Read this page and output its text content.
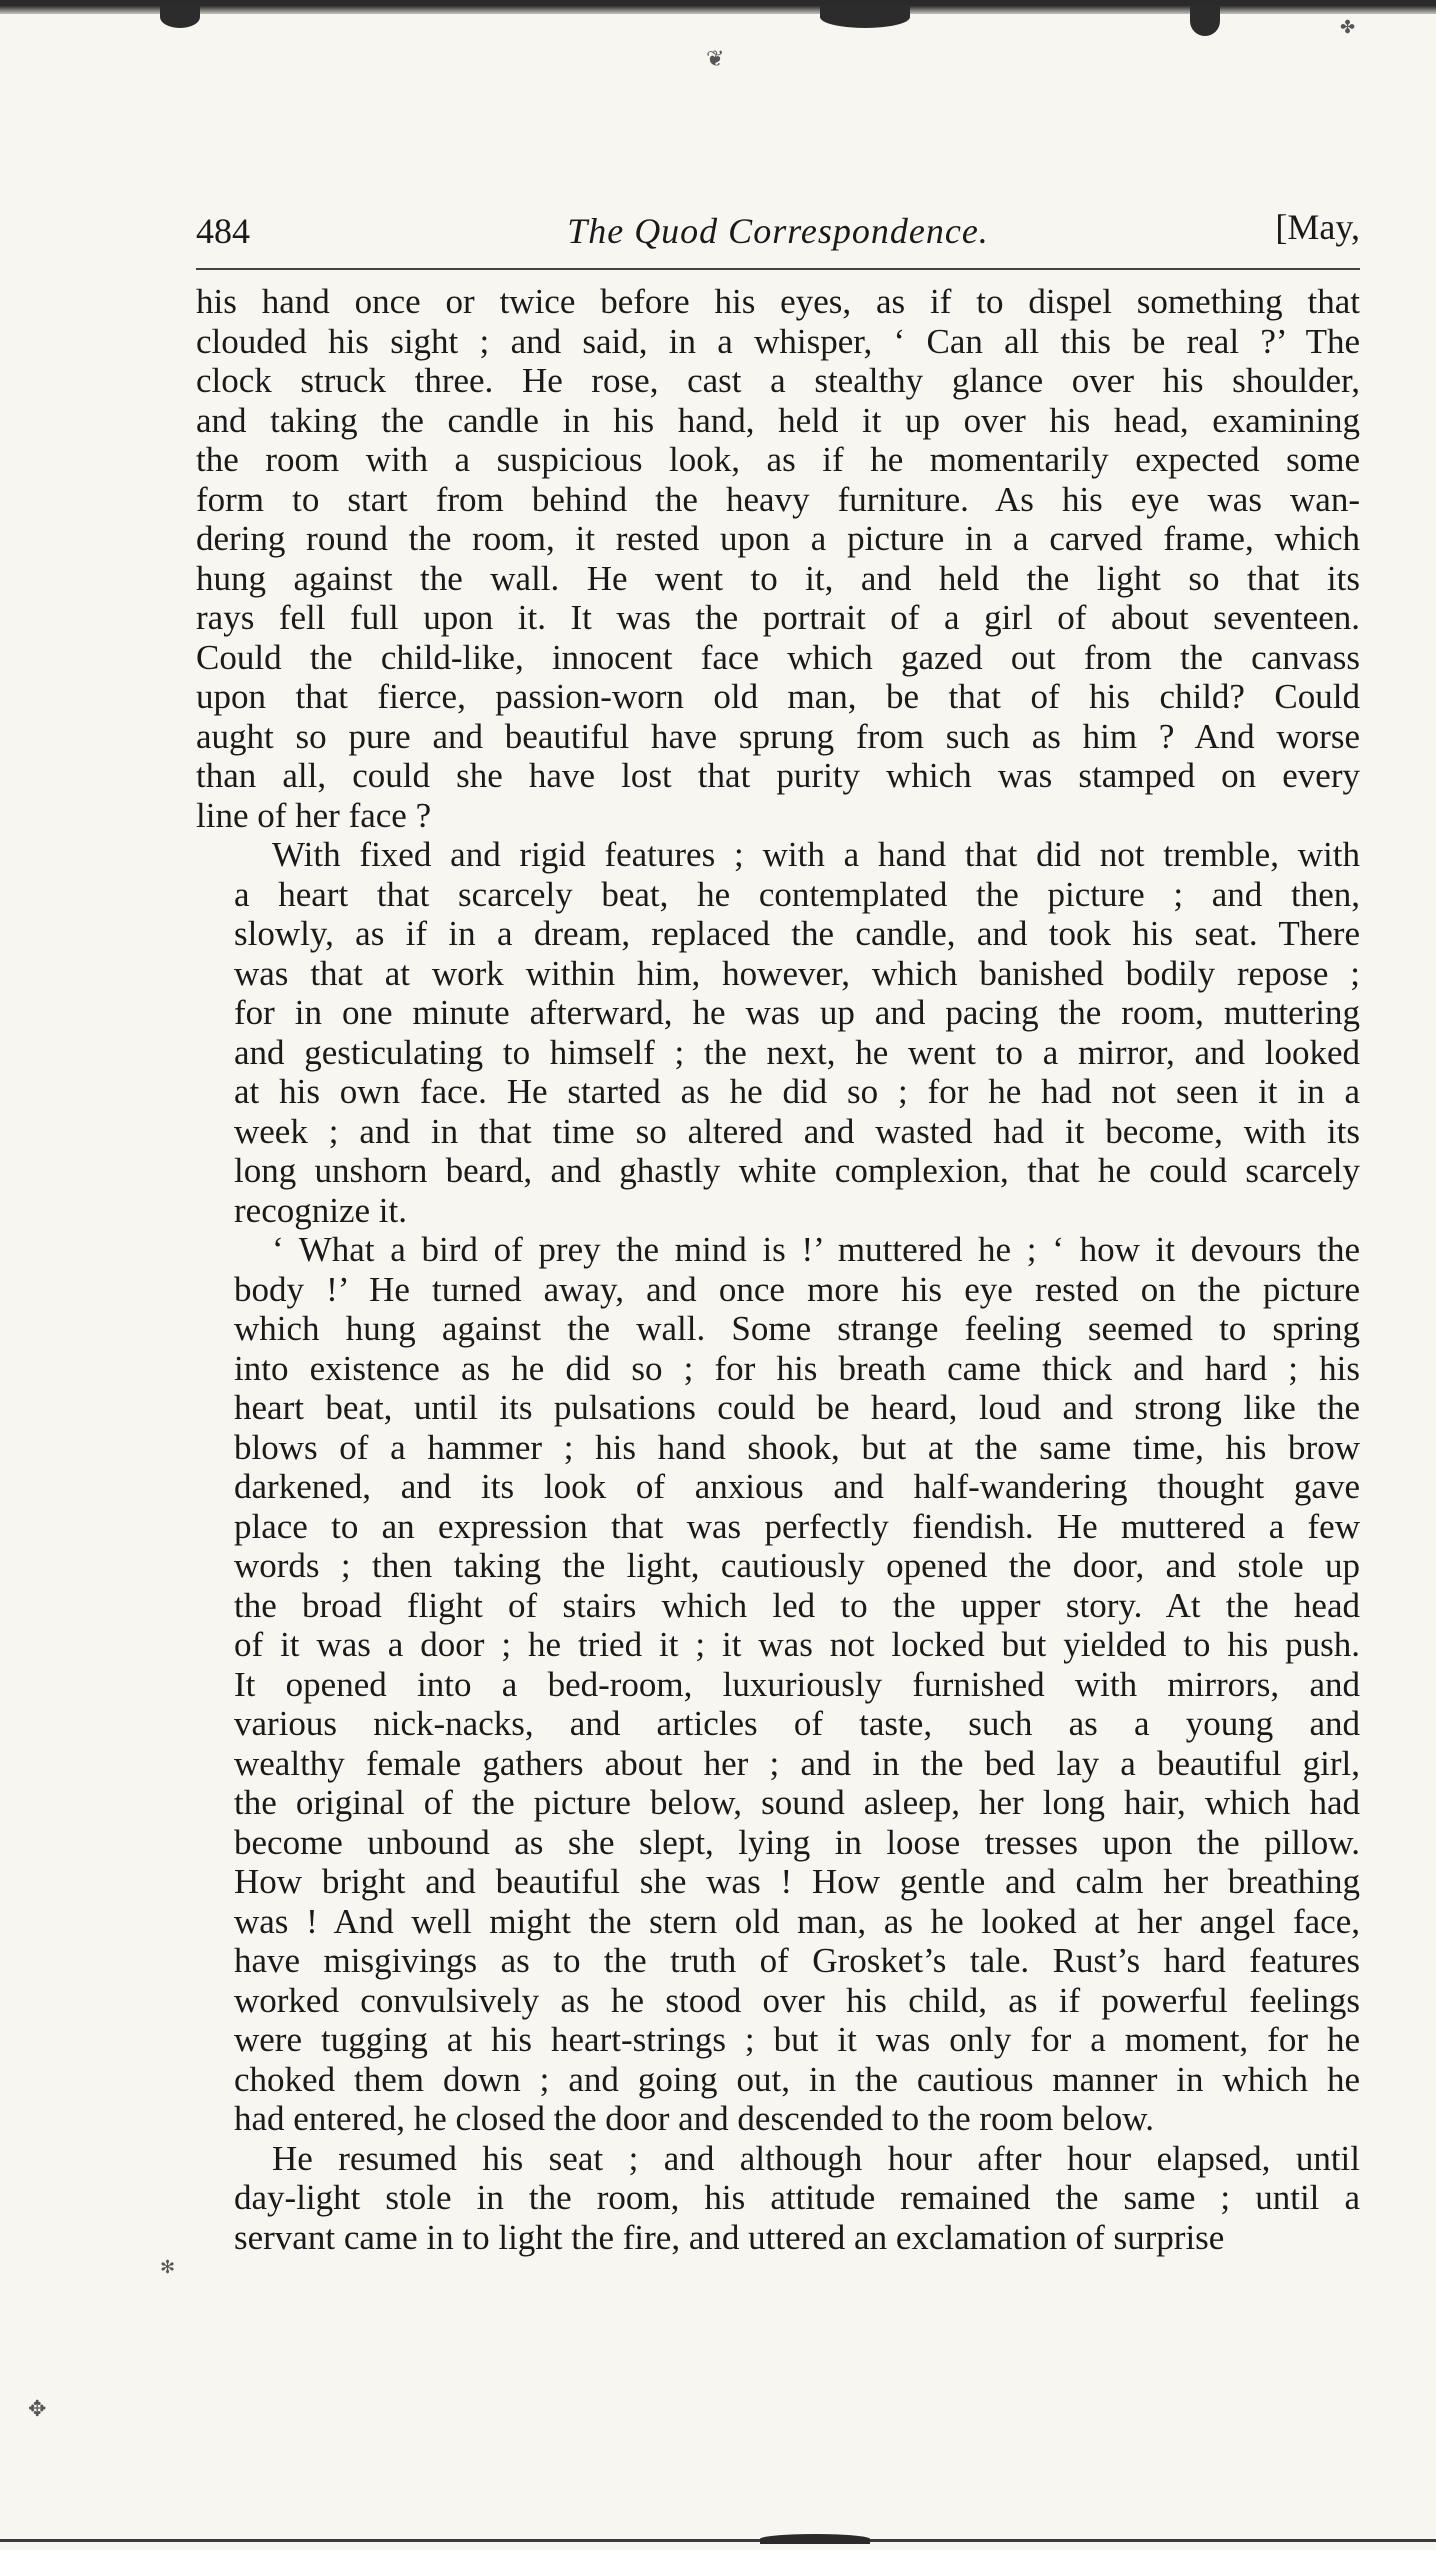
❦
✤
✻
✥
484	The Quod Correspondence.	[May,
his hand once or twice before his eyes, as if to dispel something that
clouded his sight ; and said, in a whisper, ‘ Can all this be real ?’ The
clock struck three. He rose, cast a stealthy glance over his shoulder,
and taking the candle in his hand, held it up over his head, examining
the room with a suspicious look, as if he momentarily expected some
form to start from behind the heavy furniture. As his eye was wan-
dering round the room, it rested upon a picture in a carved frame, which
hung against the wall. He went to it, and held the light so that its
rays fell full upon it. It was the portrait of a girl of about seventeen.
Could the child-like, innocent face which gazed out from the canvass
upon that fierce, passion-worn old man, be that of his child? Could
aught so pure and beautiful have sprung from such as him ? And worse
than all, could she have lost that purity which was stamped on every
line of her face ?
With fixed and rigid features ; with a hand that did not tremble, with
a heart that scarcely beat, he contemplated the picture ; and then,
slowly, as if in a dream, replaced the candle, and took his seat. There
was that at work within him, however, which banished bodily repose ;
for in one minute afterward, he was up and pacing the room, muttering
and gesticulating to himself ; the next, he went to a mirror, and looked
at his own face. He started as he did so ; for he had not seen it in a
week ; and in that time so altered and wasted had it become, with its
long unshorn beard, and ghastly white complexion, that he could scarcely
recognize it.
‘ What a bird of prey the mind is !’ muttered he ; ‘ how it devours the
body !’ He turned away, and once more his eye rested on the picture
which hung against the wall. Some strange feeling seemed to spring
into existence as he did so ; for his breath came thick and hard ; his
heart beat, until its pulsations could be heard, loud and strong like the
blows of a hammer ; his hand shook, but at the same time, his brow
darkened, and its look of anxious and half-wandering thought gave
place to an expression that was perfectly fiendish. He muttered a few
words ; then taking the light, cautiously opened the door, and stole up
the broad flight of stairs which led to the upper story. At the head
of it was a door ; he tried it ; it was not locked but yielded to his push.
It opened into a bed-room, luxuriously furnished with mirrors, and
various nick-nacks, and articles of taste, such as a young and
wealthy female gathers about her ; and in the bed lay a beautiful girl,
the original of the picture below, sound asleep, her long hair, which had
become unbound as she slept, lying in loose tresses upon the pillow.
How bright and beautiful she was ! How gentle and calm her breathing
was ! And well might the stern old man, as he looked at her angel face,
have misgivings as to the truth of Grosket’s tale. Rust’s hard features
worked convulsively as he stood over his child, as if powerful feelings
were tugging at his heart-strings ; but it was only for a moment, for he
choked them down ; and going out, in the cautious manner in which he
had entered, he closed the door and descended to the room below.
He resumed his seat ; and although hour after hour elapsed, until
day-light stole in the room, his attitude remained the same ; until a
servant came in to light the fire, and uttered an exclamation of surprise
